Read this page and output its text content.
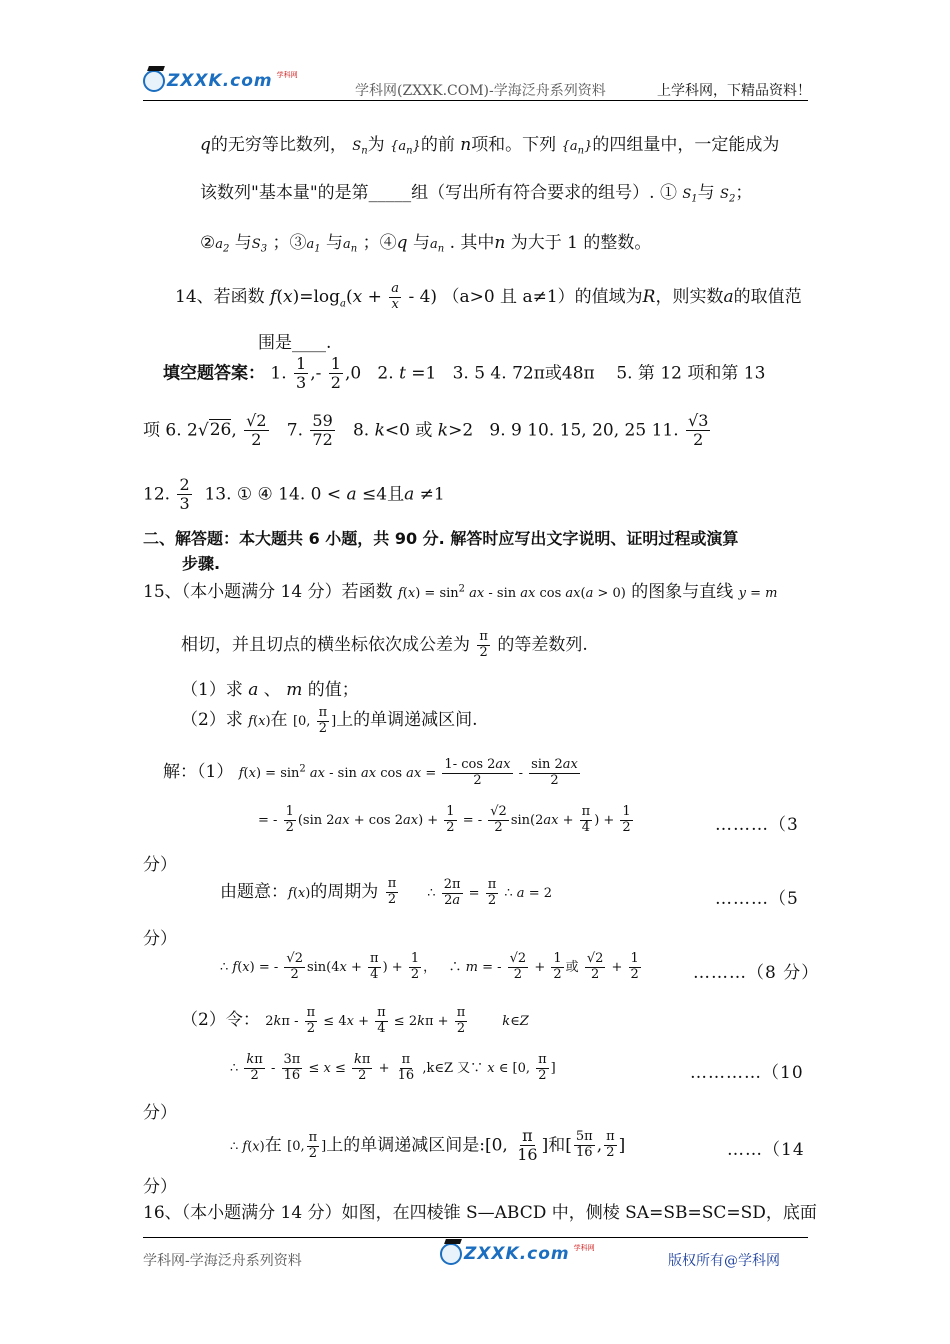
ZXXK.com 学科网
学科网(ZXXK.COM)-学海泛舟系列资料	上学科网，下精品资料！
q的无穷等比数列， $S_n$为 $\{a_n\}$的前 n项和。下列 $\{a_n\}$的四组量中，一定能成为
该数列"基本量"的是第_____组（写出所有符合要求的组号）. ① $S_1$与 $S_2$；
$②a_2$ 与$S_3$ ；$③a_1$ 与$a_n$ ；④q 与$a_n$ . 其中n 为大于 1 的整数。
14、若函数 $f(x)=\log_a(x + \frac{a}{x} - 4)$ （a>0 且 a≠1）的值域为R，则实数a的取值范
围是____.
填空题答案： 1. $\frac{1}{3}$ ,- $\frac{1}{2} ,0$   2. t =1   3. 5 4. 72π或48π 5. 第 12 项和第 13
项 6. 2√26, $\frac{√2}{2} 7$. $\frac{59}{72} 8$. k<0 或 k>2   9. 9 10. 15, 20, 25 11. $\frac{√3}{2}$
12. $\frac{2}{3} 13$. ① ④ 14. 0 < a ≤4且a ≠1
二、解答题：本大题共 6 小题，共 90 分. 解答时应写出文字说明、证明过程或演算
步骤.
15、（本小题满分 14 分）若函数 $f(x) = \sin^2$ ax - sin ax cos ax(a > 0) 的图象与直线 y = m
相切，并且切点的横坐标依次成公差为 $\frac{\pi}{2}$ 的等差数列.
（1）求 a 、 m 的值；
（2）求 f(x)在 [0, $\frac{\pi}{2}$ ]上的单调递减区间.
解：（1） $f(x) = \sin^2$ ax - sin ax cos ax = $\frac{1- \cos 2ax}{2} - \frac{\sin 2ax}{2}$
= - $\frac{1}{2} (\sin$ $2ax + \cos 2ax) + \frac{1}{2}$ = - $\frac{√2}{2} \sin(2ax + \frac{\pi}{4}$ ) + $\frac{1}{2}$	………（3
分）
由题意：f(x)的周期为 $\frac{\pi}{2}$ ∴ $\frac{2\pi}{2a} = \frac{\pi}{2}$ ∴ a = 2	………（5
分）
∴ f(x) = - $\frac{√2}{2} \sin(4x + \frac{\pi}{4}$ ) + $\frac{1}{2}$ ，   ∴ m = - $\frac{√2}{2} + \frac{1}{2}$ 或 $\frac{√2}{2} + \frac{1}{2}$	………（8 分）
（2）令： $2k\pi - \frac{\pi}{2} \le 4x + \frac{\pi}{4} \le 2k\pi + \frac{\pi}{2}$	k∈Z
∴ $\frac{k\pi}{2} - \frac{3\pi}{16} \le x \le \frac{k\pi}{2} + \frac{\pi}{16}$ ,k∈Z 又∵ x ∈ [0, $\frac{\pi}{2}$ ]	…………（10
分）
∴ f(x)在 [0, $\frac{\pi}{2}$ ]上的单调递减区间是:[0, $\frac{\pi}{16}$ ]和[ $\frac{5\pi}{16}$ , $\frac{\pi}{2}$ ]	……（14
分）
16、（本小题满分 14 分）如图，在四棱锥 S—ABCD 中，侧棱 SA=SB=SC=SD，底面
学科网-学海泛舟系列资料	ZXXK.com 学科网
版权所有@学科网
